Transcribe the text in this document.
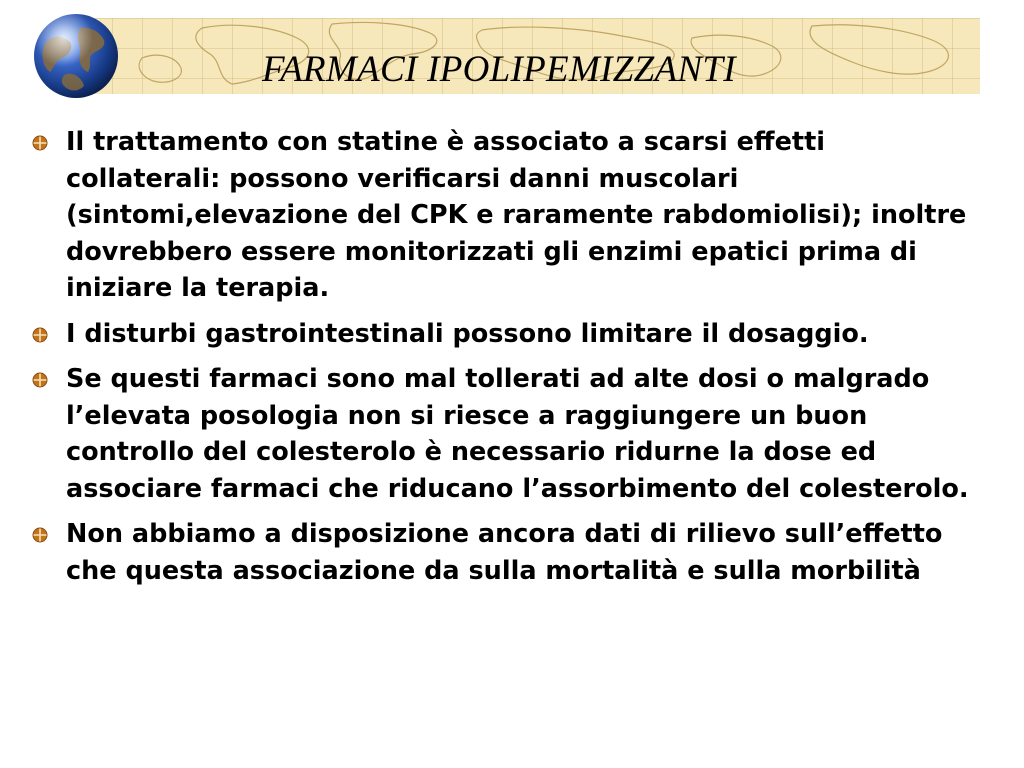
FARMACI IPOLIPEMIZZANTI
Il trattamento con statine è associato a scarsi effetti collaterali: possono verificarsi danni muscolari (sintomi,elevazione del CPK e raramente rabdomiolisi); inoltre dovrebbero essere monitorizzati gli enzimi epatici prima di iniziare la terapia.
I disturbi gastrointestinali possono limitare il dosaggio.
Se questi farmaci sono mal tollerati ad alte dosi o malgrado l’elevata posologia non si riesce a raggiungere un buon controllo del colesterolo è necessario ridurne la dose ed associare farmaci che riducano l’assorbimento del colesterolo.
Non abbiamo a disposizione ancora dati di rilievo sull’effetto che questa associazione da sulla mortalità e sulla morbilità
